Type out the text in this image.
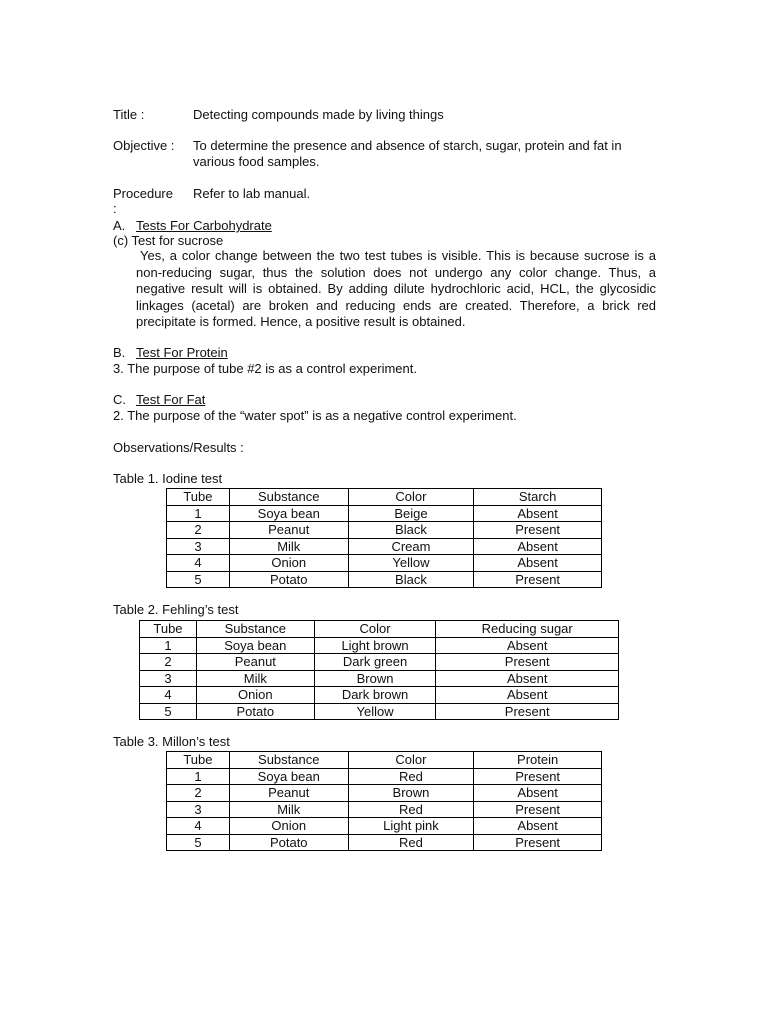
Title :	Detecting compounds made by living things
Objective : To determine the presence and absence of starch, sugar, protein and fat in
various food samples.
Procedure
:
Refer to lab manual.
A. Tests For Carbohydrate
(c) Test for sucrose
Yes, a color change between the two test tubes is visible. This is because sucrose is a non-reducing sugar, thus the solution does not undergo any color change. Thus, a negative result will is obtained. By adding dilute hydrochloric acid, HCL, the glycosidic linkages (acetal) are broken and reducing ends are created. Therefore, a brick red precipitate is formed. Hence, a positive result is obtained.
B. Test For Protein
3. The purpose of tube #2 is as a control experiment.
C. Test For Fat
2. The purpose of the “water spot” is as a negative control experiment.
Observations/Results :
Table 1. Iodine test
Tube	Substance	Color	Starch
1	Soya bean	Beige	Absent
2	Peanut	Black	Present
3	Milk	Cream	Absent
4	Onion	Yellow	Absent
5	Potato	Black	Present
Table 2. Fehling’s test
Tube	Substance	Color	Reducing sugar
1	Soya bean	Light brown	Absent
2	Peanut	Dark green	Present
3	Milk	Brown	Absent
4	Onion	Dark brown	Absent
5	Potato	Yellow	Present
Table 3. Millon’s test
Tube	Substance	Color	Protein
1	Soya bean	Red	Present
2	Peanut	Brown	Absent
3	Milk	Red	Present
4	Onion	Light pink	Absent
5	Potato	Red	Present
